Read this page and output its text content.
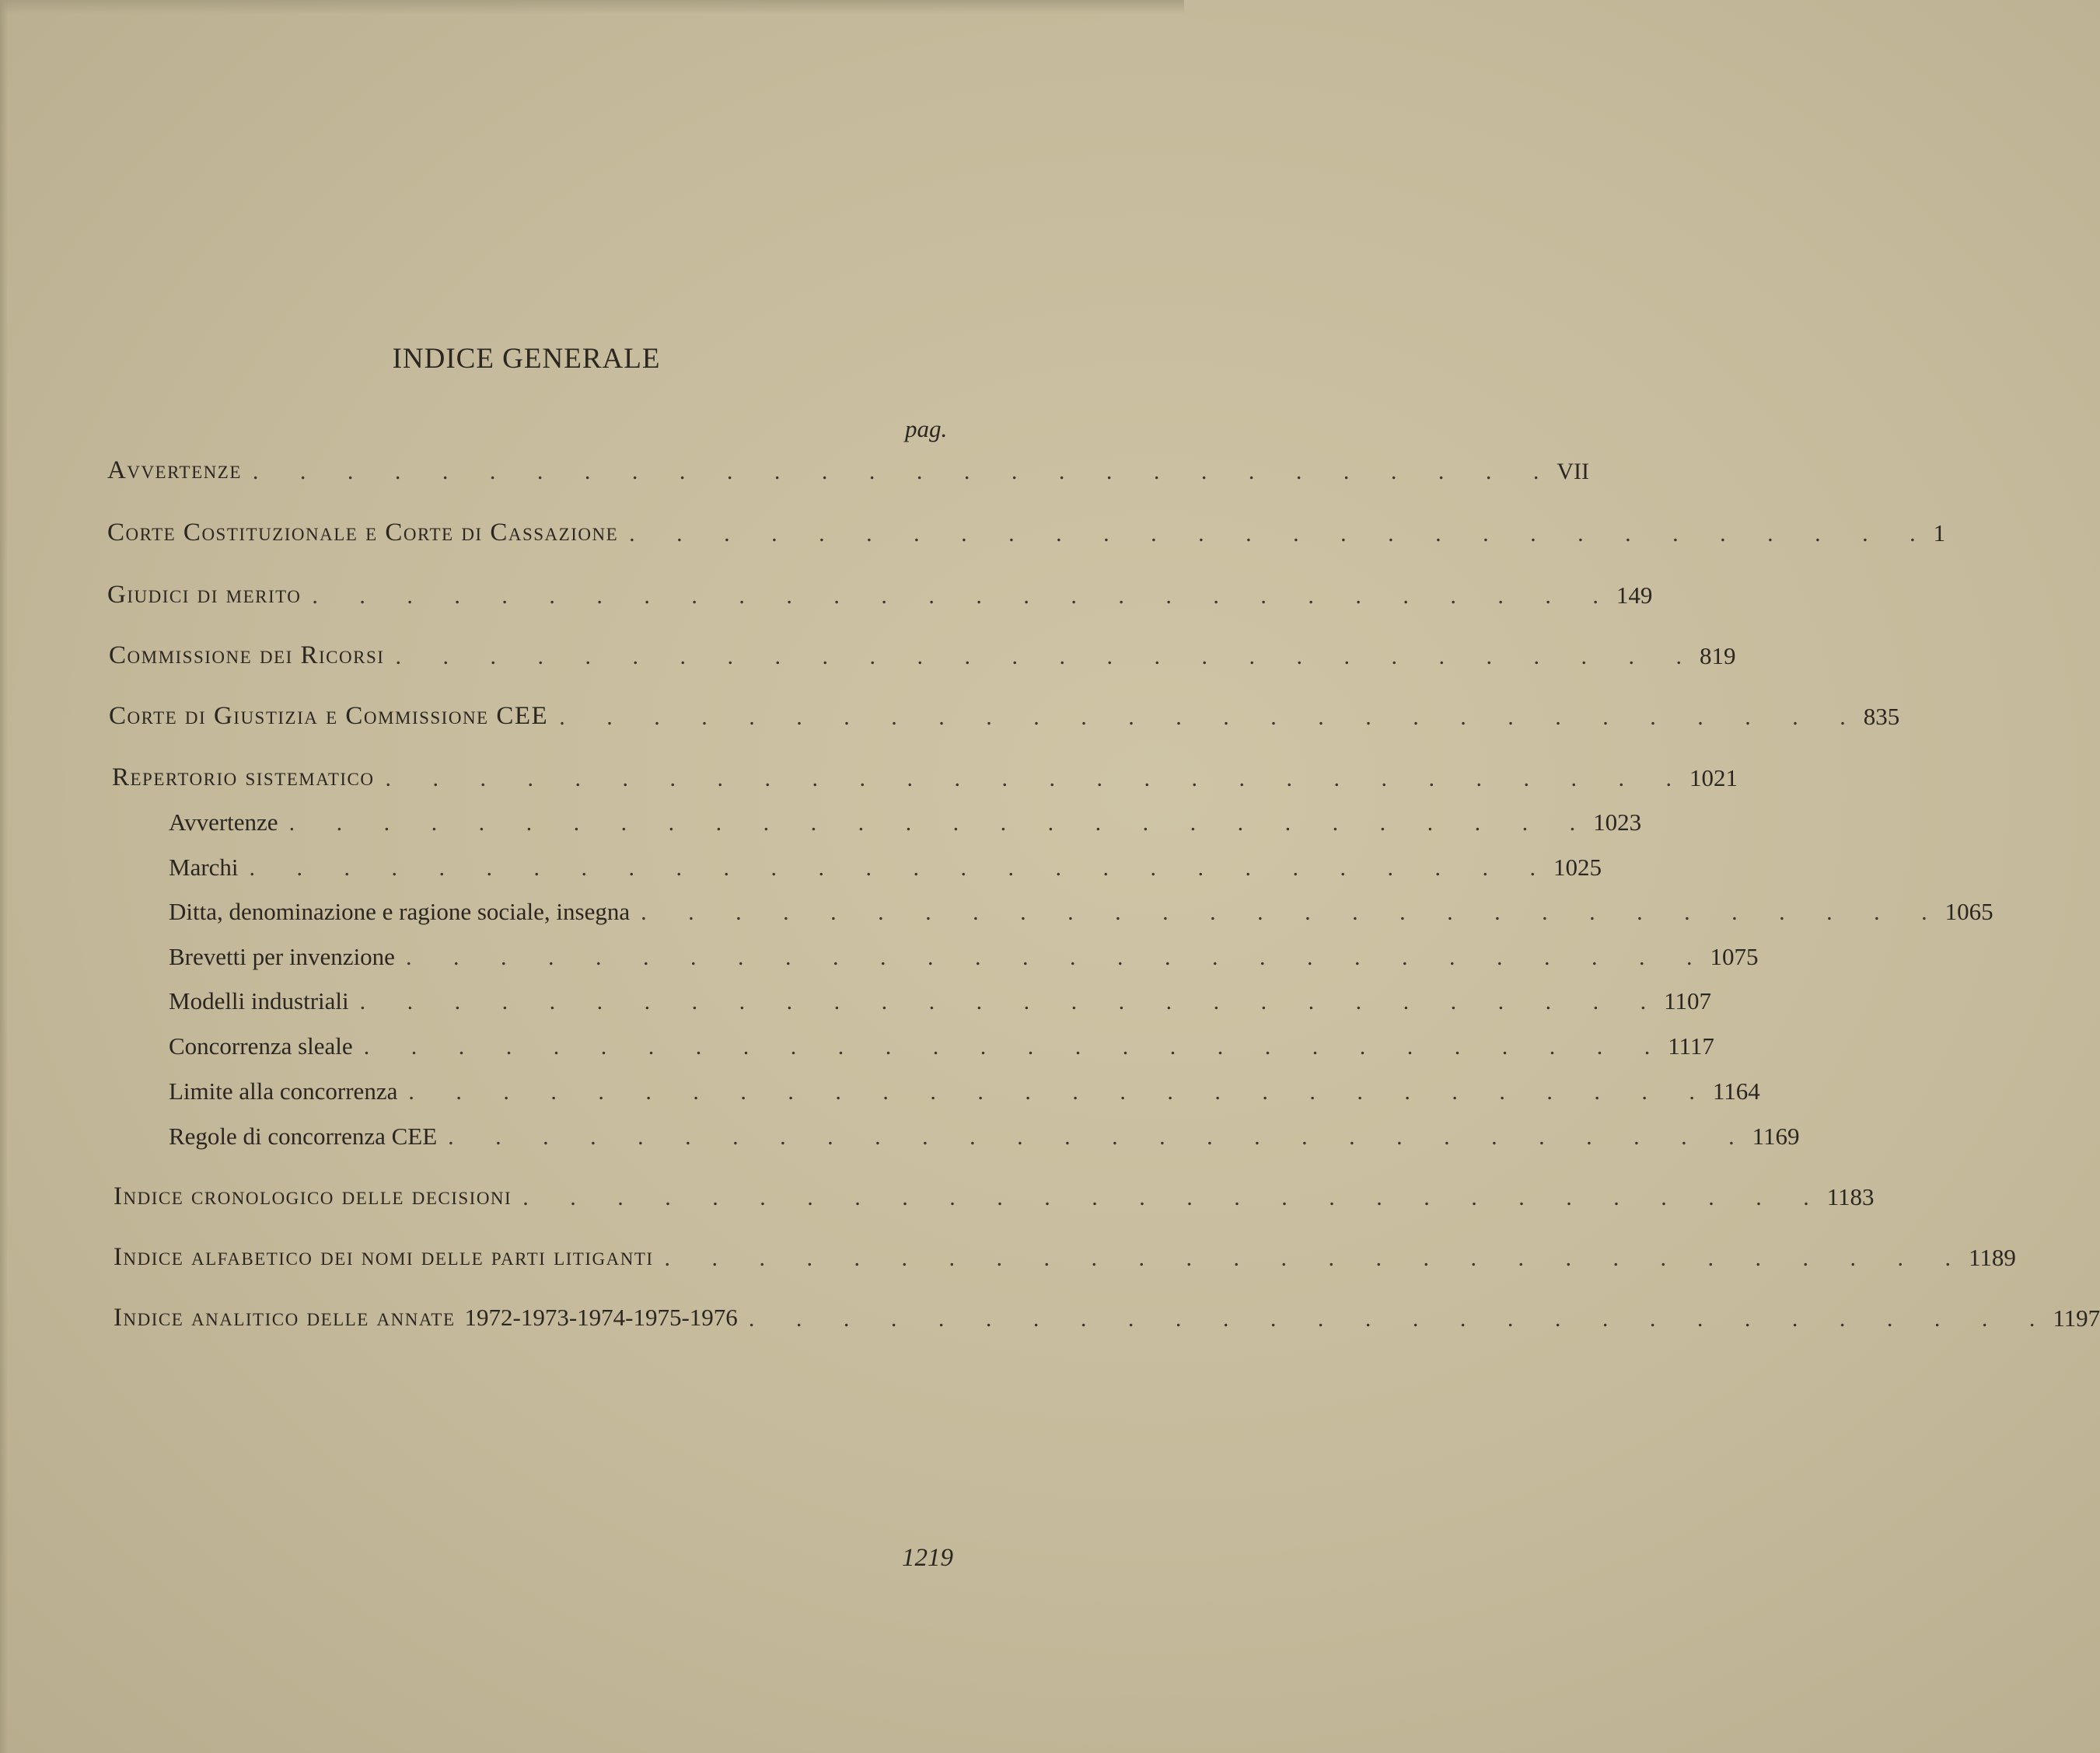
INDICE GENERALE
pag.
Avvertenze . . . . . . . . . . . . . . . . . . . . . . . . . . . . VII
Corte Costituzionale e Corte di Cassazione . . . . . . . . . . . . . . . . . . . . . . . . . . . . 1
Giudici di merito . . . . . . . . . . . . . . . . . . . . . . . . . . . . 149
Commissione dei Ricorsi . . . . . . . . . . . . . . . . . . . . . . . . . . . . 819
Corte di Giustizia e Commissione CEE . . . . . . . . . . . . . . . . . . . . . . . . . . . . 835
Repertorio sistematico . . . . . . . . . . . . . . . . . . . . . . . . . . . . 1021
Avvertenze . . . . . . . . . . . . . . . . . . . . . . . . . . . . 1023
Marchi . . . . . . . . . . . . . . . . . . . . . . . . . . . . 1025
Ditta, denominazione e ragione sociale, insegna . . . . . . . . . . . . . . . . . . . . . . . . . . . . 1065
Brevetti per invenzione . . . . . . . . . . . . . . . . . . . . . . . . . . . . 1075
Modelli industriali . . . . . . . . . . . . . . . . . . . . . . . . . . . . 1107
Concorrenza sleale . . . . . . . . . . . . . . . . . . . . . . . . . . . . 1117
Limite alla concorrenza . . . . . . . . . . . . . . . . . . . . . . . . . . . . 1164
Regole di concorrenza CEE . . . . . . . . . . . . . . . . . . . . . . . . . . . . 1169
Indice cronologico delle decisioni . . . . . . . . . . . . . . . . . . . . . . . . . . . . 1183
Indice alfabetico dei nomi delle parti litiganti . . . . . . . . . . . . . . . . . . . . . . . . . . . . 1189
Indice analitico delle annate 1972-1973-1974-1975-1976 . . . . . . . . . . . . . . . . . . . . . . . . . . . . 1197
1219
